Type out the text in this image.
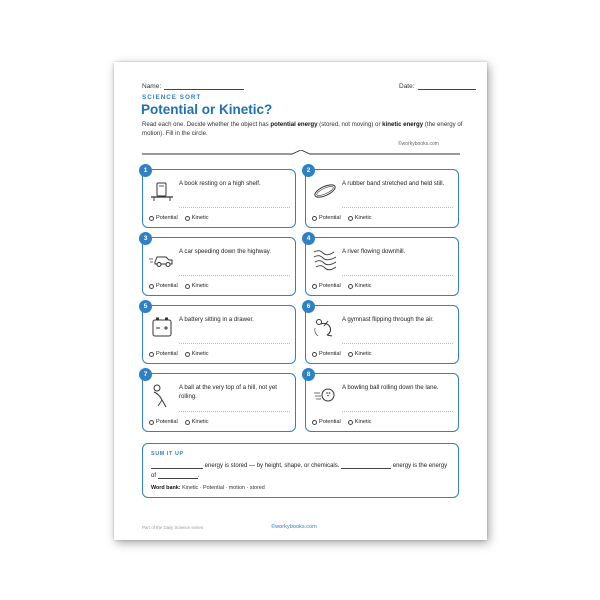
Name:	Date:
SCIENCE SORT
Potential or Kinetic?
Read each one. Decide whether the object has potential energy (stored, not moving) or kinetic energy (the energy of motion). Fill in the circle.
©workybooks.com
1
A book resting on a high shelf.
Potential	Kinetic
2
A rubber band stretched and held still.
Potential	Kinetic
3
A car speeding down the highway.
Potential	Kinetic
4
A river flowing downhill.
Potential	Kinetic
5
A battery sitting in a drawer.
Potential	Kinetic
6
A gymnast flipping through the air.
Potential	Kinetic
7
A ball at the very top of a hill, not yet rolling.
Potential	Kinetic
8
A bowling ball rolling down the lane.
Potential	Kinetic
SUM IT UP
energy is stored — by height, shape, or chemicals.	energy is the energy
of	.
Word bank: Kinetic · Potential · motion · stored
Part of the Daily Science series	©workybooks.com
